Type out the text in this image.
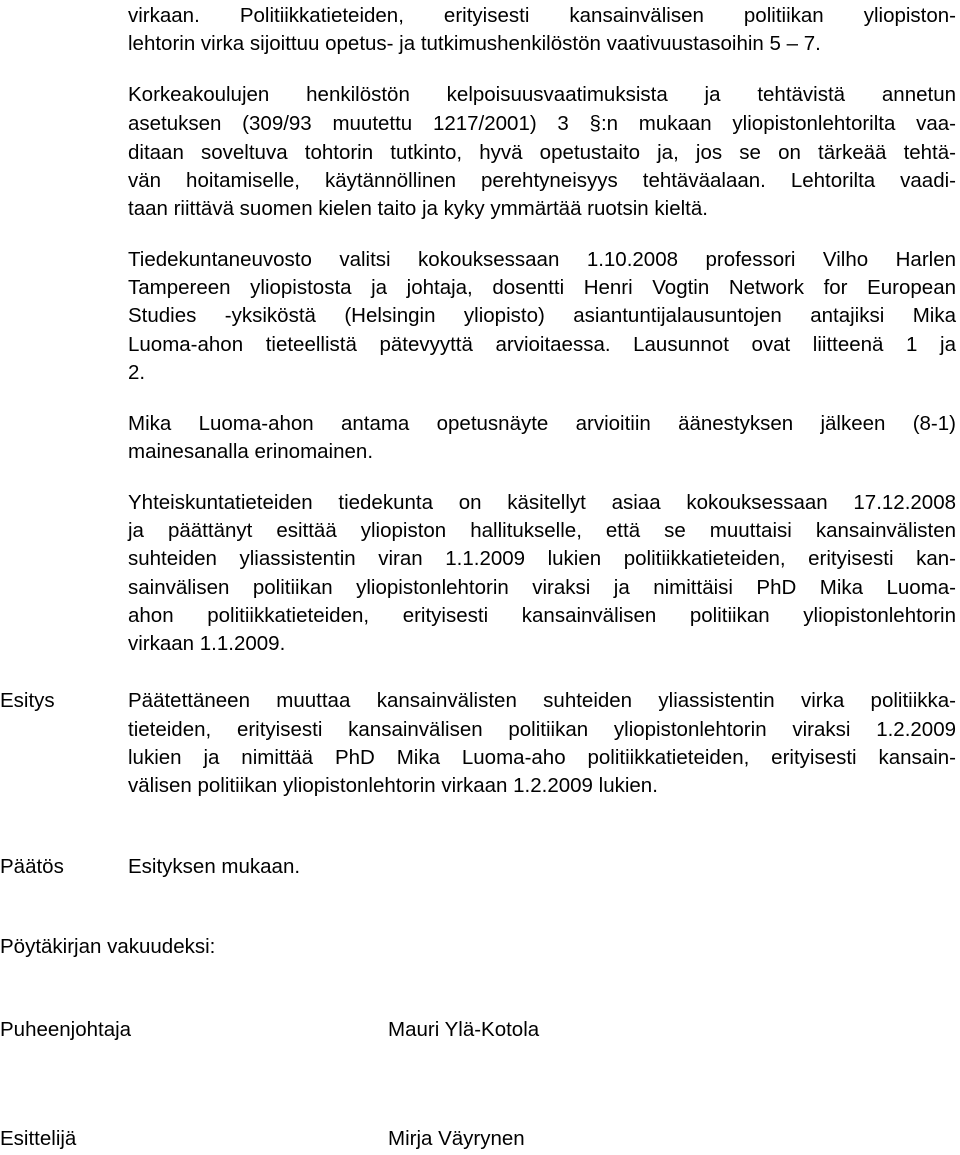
virkaan. Politiikkatieteiden, erityisesti kansainvälisen politiikan yliopiston-

lehtorin virka sijoittuu opetus- ja tutkimushenkilöstön vaativuustasoihin 5 – 7.

Korkeakoulujen henkilöstön kelpoisuusvaatimuksista ja tehtävistä annetun

asetuksen (309/93 muutettu 1217/2001) 3 §:n mukaan yliopistonlehtorilta vaa-

ditaan soveltuva tohtorin tutkinto, hyvä opetustaito ja, jos se on tärkeää tehtä-

vän hoitamiselle, käytännöllinen perehtyneisyys tehtäväalaan. Lehtorilta vaadi-

taan riittävä suomen kielen taito ja kyky ymmärtää ruotsin kieltä.

Tiedekuntaneuvosto valitsi kokouksessaan 1.10.2008 professori Vilho Harlen

Tampereen yliopistosta ja johtaja, dosentti Henri Vogtin Network for European

Studies -yksiköstä (Helsingin yliopisto) asiantuntijalausuntojen antajiksi Mika

Luoma-ahon tieteellistä pätevyyttä arvioitaessa. Lausunnot ovat liitteenä 1 ja

2.

Mika Luoma-ahon antama opetusnäyte arvioitiin äänestyksen jälkeen (8-1)

mainesanalla erinomainen.

Yhteiskuntatieteiden tiedekunta on käsitellyt asiaa kokouksessaan 17.12.2008

ja päättänyt esittää yliopiston hallitukselle, että se muuttaisi kansainvälisten

suhteiden yliassistentin viran 1.1.2009 lukien politiikkatieteiden, erityisesti kan-

sainvälisen politiikan yliopistonlehtorin viraksi ja nimittäisi PhD Mika Luoma-

ahon politiikkatieteiden, erityisesti kansainvälisen politiikan yliopistonlehtorin

virkaan 1.1.2009.

Esitys	Päätettäneen muuttaa kansainvälisten suhteiden yliassistentin virka politiikka-

tieteiden, erityisesti kansainvälisen politiikan yliopistonlehtorin viraksi 1.2.2009

lukien ja nimittää PhD Mika Luoma-aho politiikkatieteiden, erityisesti kansain-

välisen politiikan yliopistonlehtorin virkaan 1.2.2009 lukien.

Päätös	Esityksen mukaan.

Pöytäkirjan vakuudeksi:
Puheenjohtaja	Mauri Ylä-Kotola
Esittelijä	Mirja Väyrynen
